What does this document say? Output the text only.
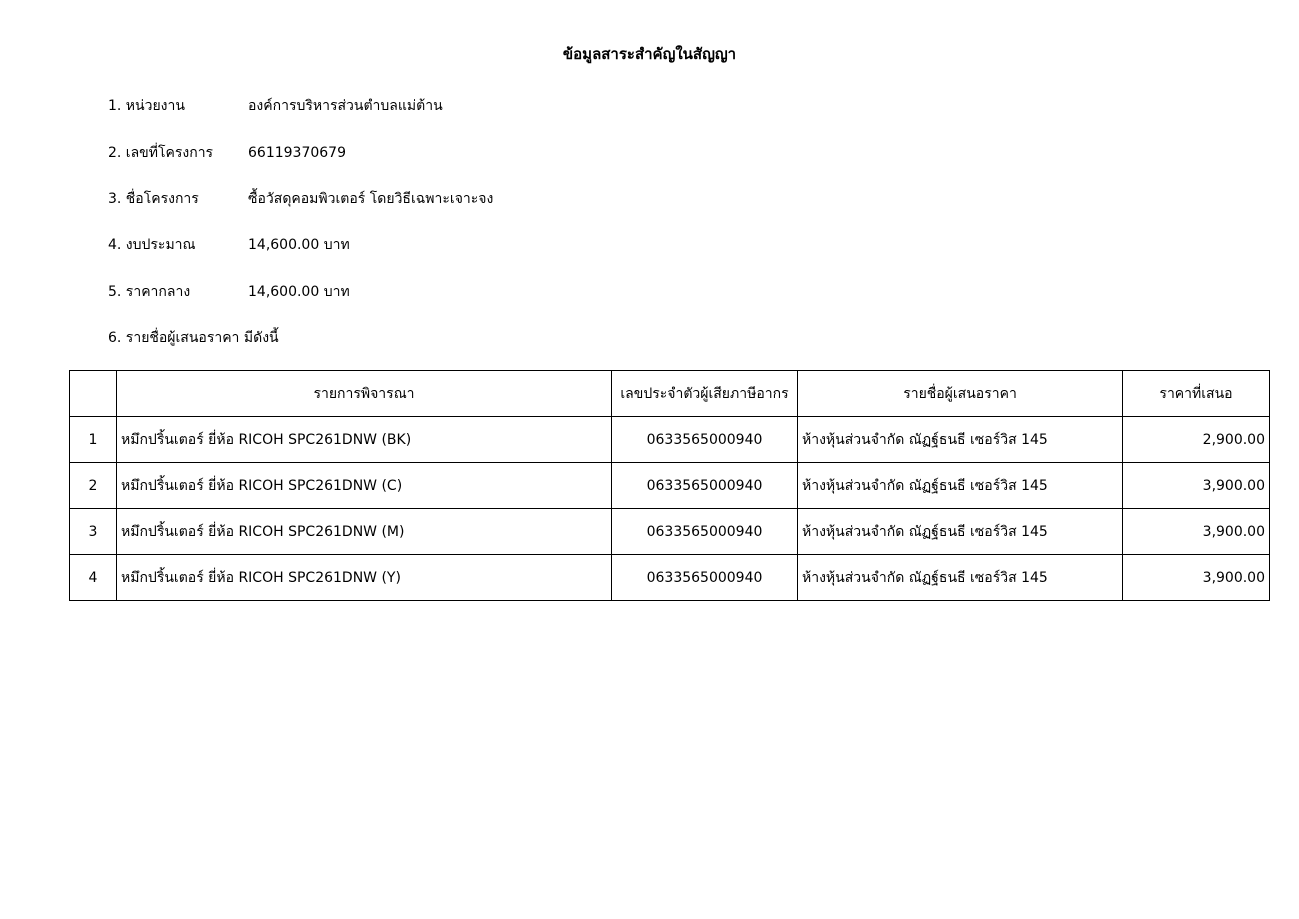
ข้อมูลสาระสำคัญในสัญญา
1. หน่วยงาน	องค์การบริหารส่วนตำบลแม่ต้าน
2. เลขที่โครงการ 66119370679
3. ชื่อโครงการ	ซื้อวัสดุคอมพิวเตอร์ โดยวิธีเฉพาะเจาะจง
4. งบประมาณ	14,600.00 บาท
5. ราคากลาง	14,600.00 บาท
6. รายชื่อผู้เสนอราคา มีดังนี้
	รายการพิจารณา	เลขประจำตัวผู้เสียภาษีอากร	รายชื่อผู้เสนอราคา	ราคาที่เสนอ
1	หมึกปริ้นเตอร์ ยี่ห้อ RICOH SPC261DNW (BK)	0633565000940	ห้างหุ้นส่วนจำกัด ณัฏฐ์ธนธี เซอร์วิส 145	2,900.00
2	หมึกปริ้นเตอร์ ยี่ห้อ RICOH SPC261DNW (C)	0633565000940	ห้างหุ้นส่วนจำกัด ณัฏฐ์ธนธี เซอร์วิส 145	3,900.00
3	หมึกปริ้นเตอร์ ยี่ห้อ RICOH SPC261DNW (M)	0633565000940	ห้างหุ้นส่วนจำกัด ณัฏฐ์ธนธี เซอร์วิส 145	3,900.00
4	หมึกปริ้นเตอร์ ยี่ห้อ RICOH SPC261DNW (Y)	0633565000940	ห้างหุ้นส่วนจำกัด ณัฏฐ์ธนธี เซอร์วิส 145	3,900.00
